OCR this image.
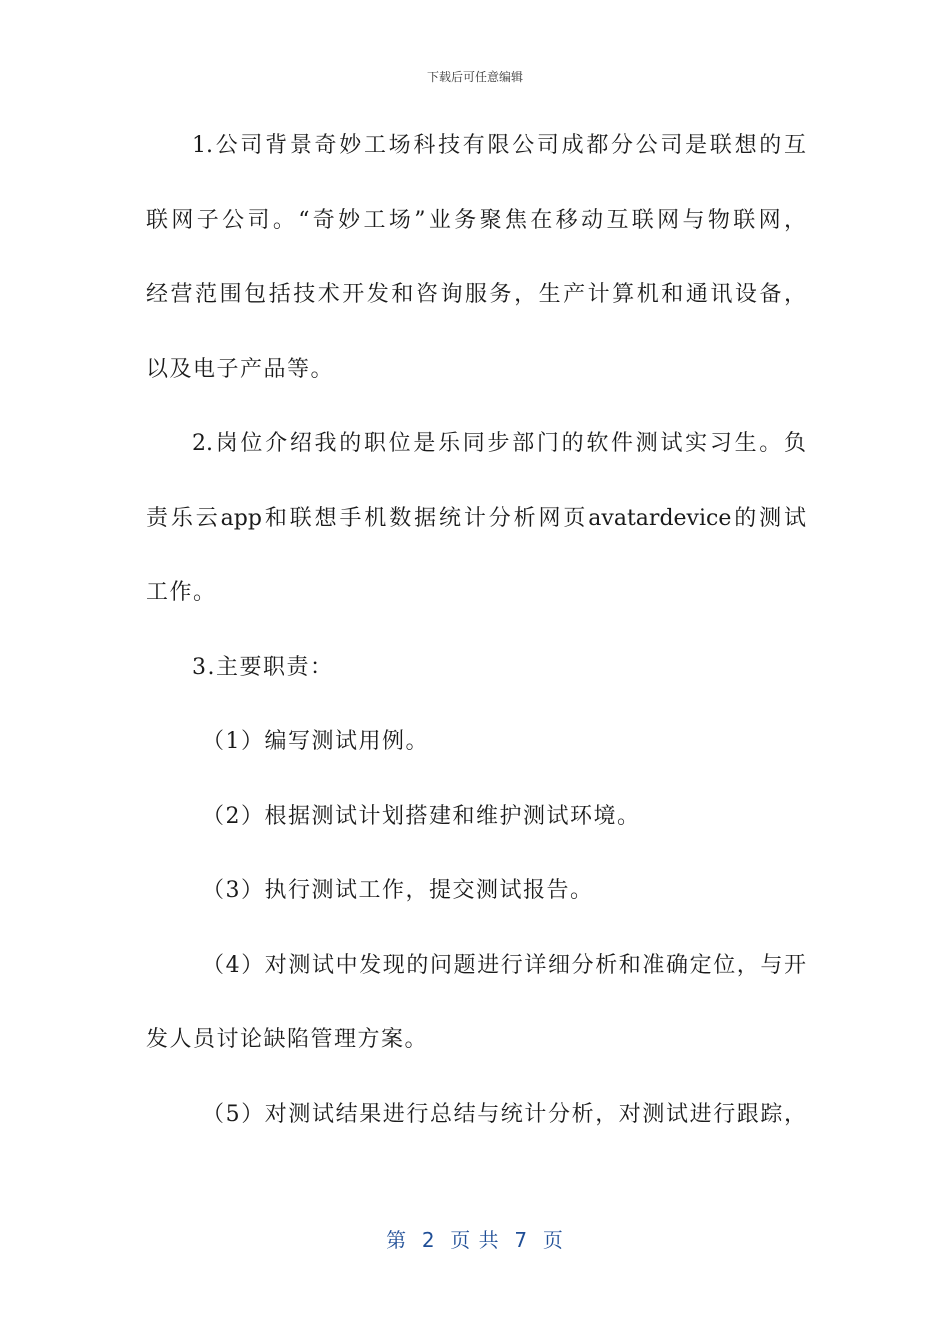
下载后可任意编辑
1.公司背景奇妙工场科技有限公司成都分公司是联想的互
联网子公司。“奇妙工场”业务聚焦在移动互联网与物联网，
经营范围包括技术开发和咨询服务，生产计算机和通讯设备，
以及电子产品等。
2.岗位介绍我的职位是乐同步部门的软件测试实习生。负
责乐云app和联想手机数据统计分析网页avatardevice的测试
工作。
3.主要职责：
（1）编写测试用例。
（2）根据测试计划搭建和维护测试环境。
（3）执行测试工作，提交测试报告。
（4）对测试中发现的问题进行详细分析和准确定位，与开
发人员讨论缺陷管理方案。
（5）对测试结果进行总结与统计分析，对测试进行跟踪，
第  2  页 共  7  页
